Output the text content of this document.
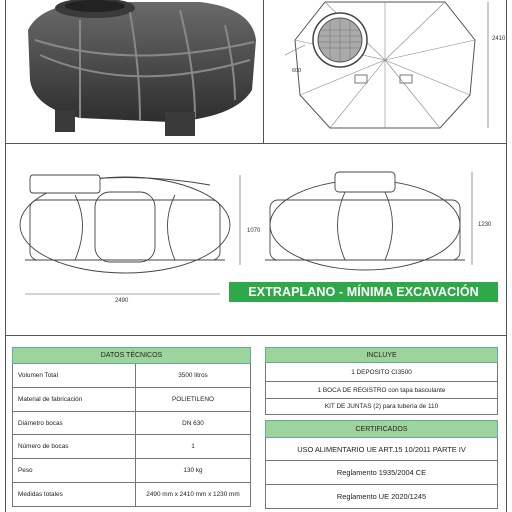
2410
600
1070
1230
2490
EXTRAPLANO - MÍNIMA EXCAVACIÓN
DATOS TÉCNICOS	
Volumen Total	3500 litros
Material de fabricación	POLIETILENO
Diámetro bocas	DN 630
Número de bocas	1
Peso	130 kg
Medidas totales	2490 mm x 2410 mm x 1230 mm
INCLUYE
1 DEPOSITO CI3500
1 BOCA DE REGISTRO con tapa basculante
KIT DE JUNTAS (2) para tubería de 110
CERTIFICADOS
USO ALIMENTARIO UE ART.15 10/2011 PARTE IV
Reglamento 1935/2004 CE
Reglamento UE 2020/1245
